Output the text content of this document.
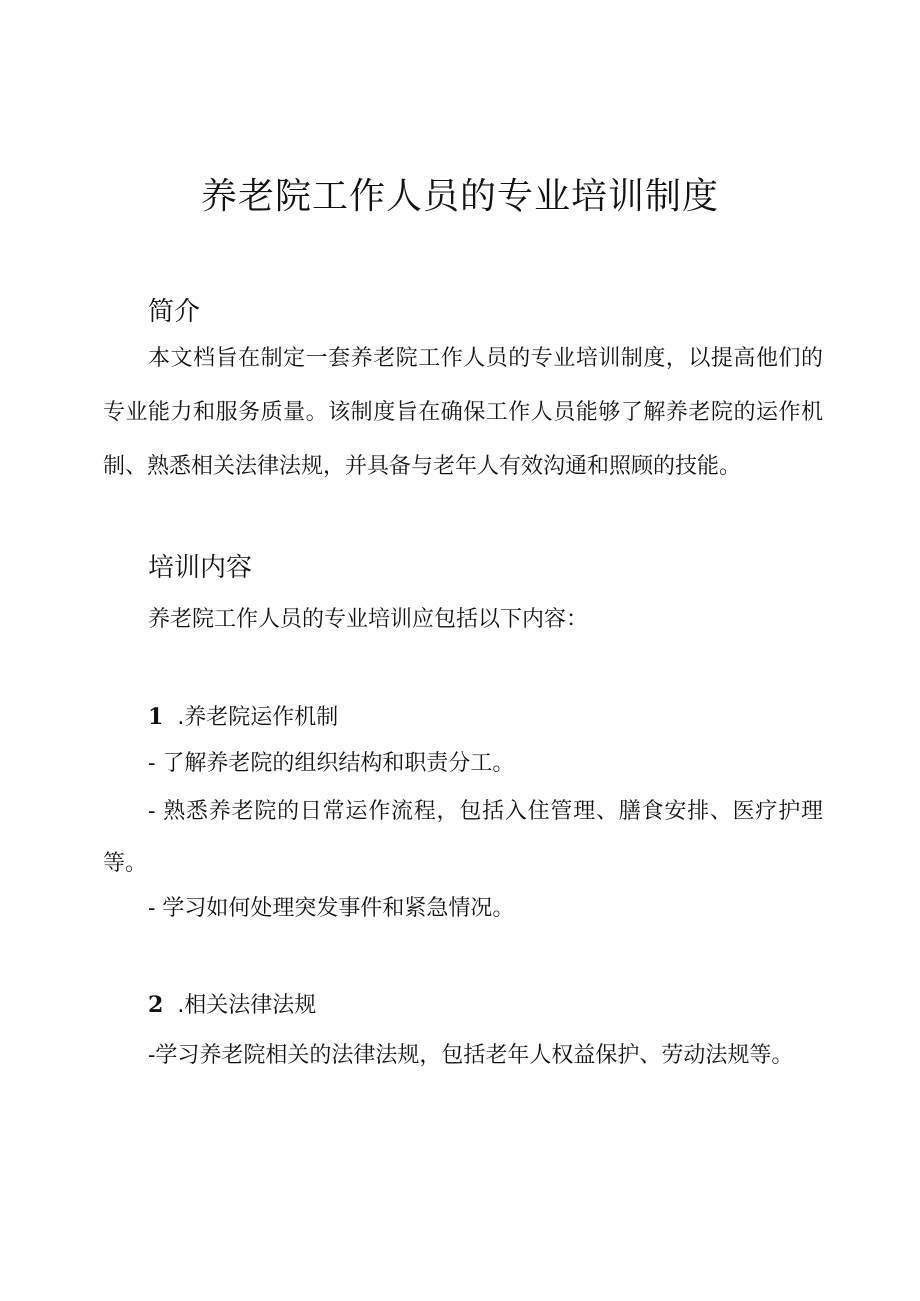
养老院工作人员的专业培训制度
简介

本文档旨在制定一套养老院工作人员的专业培训制度，以提高他们的专业能力和服务质量。该制度旨在确保工作人员能够了解养老院的运作机制、熟悉相关法律法规，并具备与老年人有效沟通和照顾的技能。

培训内容

养老院工作人员的专业培训应包括以下内容：

1 .养老院运作机制

- 了解养老院的组织结构和职责分工。

- 熟悉养老院的日常运作流程，包括入住管理、膳食安排、医疗护理等。

- 学习如何处理突发事件和紧急情况。

2 .相关法律法规

-学习养老院相关的法律法规，包括老年人权益保护、劳动法规等。
